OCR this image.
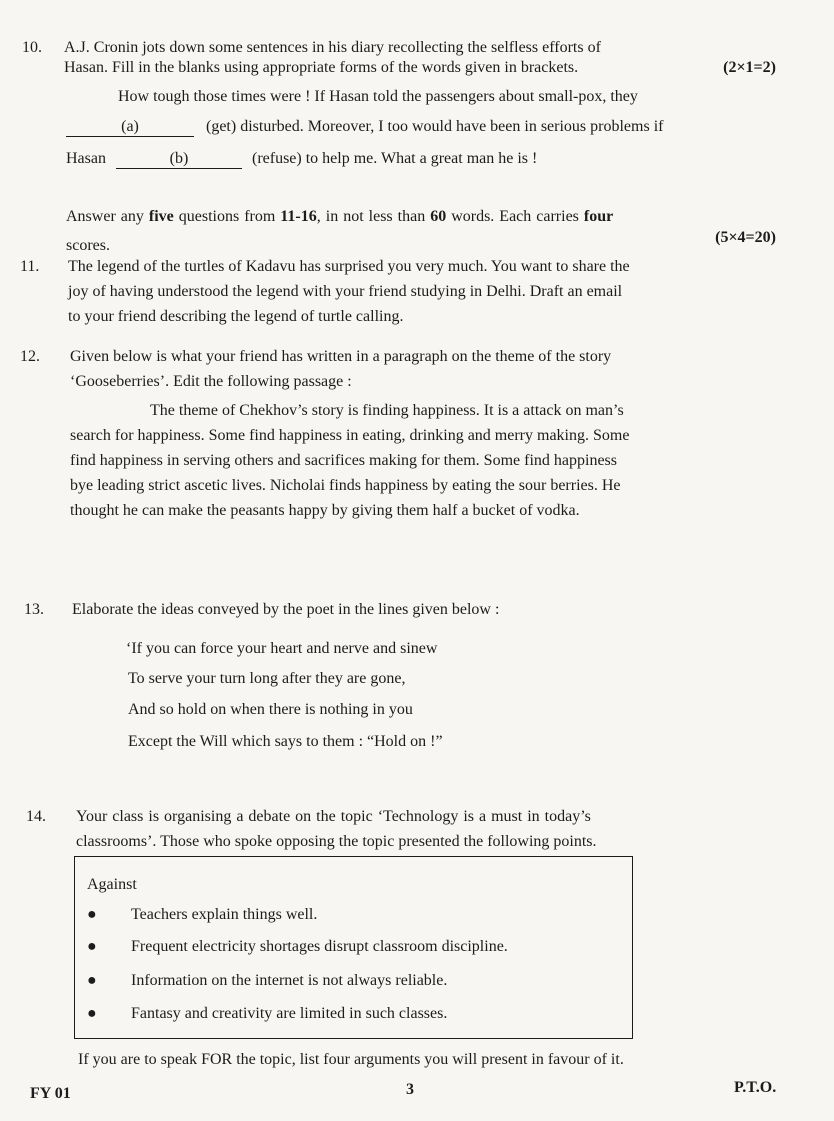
10. A.J. Cronin jots down some sentences in his diary recollecting the selfless efforts of
Hasan. Fill in the blanks using appropriate forms of the words given in brackets.	(2×1=2)
How tough those times were ! If Hasan told the passengers about small-pox, they
(a)	(get) disturbed. Moreover, I too would have been in serious problems if
Hasan	(b)	(refuse) to help me. What a great man he is !
Answer any five questions from 11-16, in not less than 60 words. Each carries four
scores.	(5×4=20)
11. The legend of the turtles of Kadavu has surprised you very much. You want to share the
joy of having understood the legend with your friend studying in Delhi. Draft an email
to your friend describing the legend of turtle calling.
12. Given below is what your friend has written in a paragraph on the theme of the story
‘Gooseberries’. Edit the following passage :
The theme of Chekhov’s story is finding happiness. It is a attack on man’s
search for happiness. Some find happiness in eating, drinking and merry making. Some
find happiness in serving others and sacrifices making for them. Some find happiness
bye leading strict ascetic lives. Nicholai finds happiness by eating the sour berries. He
thought he can make the peasants happy by giving them half a bucket of vodka.
13. Elaborate the ideas conveyed by the poet in the lines given below :
‘If you can force your heart and nerve and sinew
To serve your turn long after they are gone,
And so hold on when there is nothing in you
Except the Will which says to them : “Hold on !”
14. Your class is organising a debate on the topic ‘Technology is a must in today’s
classrooms’. Those who spoke opposing the topic presented the following points.
Against
● Teachers explain things well.
● Frequent electricity shortages disrupt classroom discipline.
● Information on the internet is not always reliable.
● Fantasy and creativity are limited in such classes.
If you are to speak FOR the topic, list four arguments you will present in favour of it.
FY 01	3	P.T.O.
